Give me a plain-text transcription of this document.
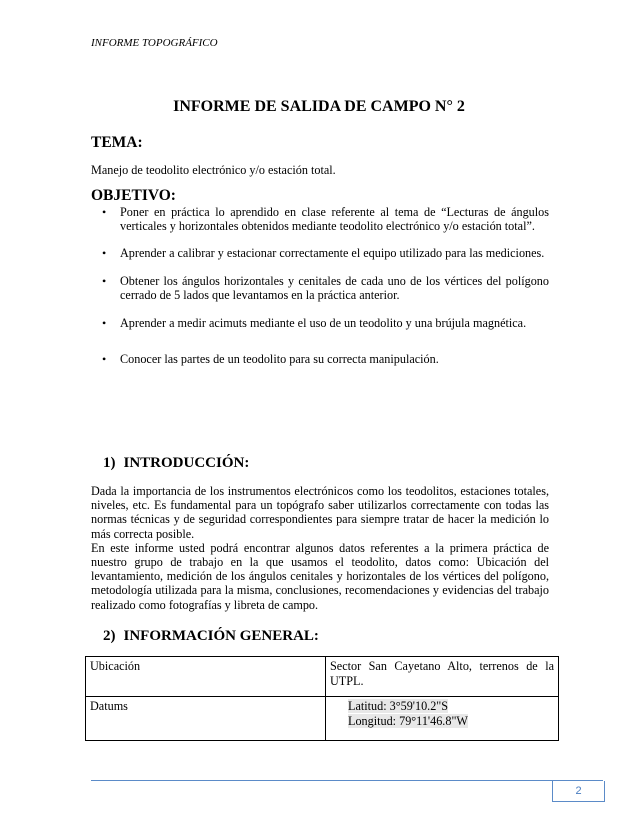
INFORME TOPOGRÁFICO
INFORME DE SALIDA DE CAMPO N° 2
TEMA:
Manejo de teodolito electrónico y/o estación total.
OBJETIVO:
• Poner en práctica lo aprendido en clase referente al tema de “Lecturas de ángulos verticales y horizontales obtenidos mediante teodolito electrónico y/o estación total”.
• Aprender a calibrar y estacionar correctamente el equipo utilizado para las mediciones.
• Obtener los ángulos horizontales y cenitales de cada uno de los vértices del polígono cerrado de 5 lados que levantamos en la práctica anterior.
• Aprender a medir acimuts mediante el uso de un teodolito y una brújula magnética.
• Conocer las partes de un teodolito para su correcta manipulación.
1) INTRODUCCIÓN:
Dada la importancia de los instrumentos electrónicos como los teodolitos, estaciones totales, niveles, etc. Es fundamental para un topógrafo saber utilizarlos correctamente con todas las normas técnicas y de seguridad correspondientes para siempre tratar de hacer la medición lo más correcta posible.
En este informe usted podrá encontrar algunos datos referentes a la primera práctica de nuestro grupo de trabajo en la que usamos el teodolito, datos como: Ubicación del levantamiento, medición de los ángulos cenitales y horizontales de los vértices del polígono, metodología utilizada para la misma, conclusiones, recomendaciones y evidencias del trabajo realizado como fotografías y libreta de campo.
2) INFORMACIÓN GENERAL:
Ubicación	Sector San Cayetano Alto, terrenos de la UTPL.
Datums	Latitud: 3°59'10.2"S
Longitud: 79°11'46.8"W
2
